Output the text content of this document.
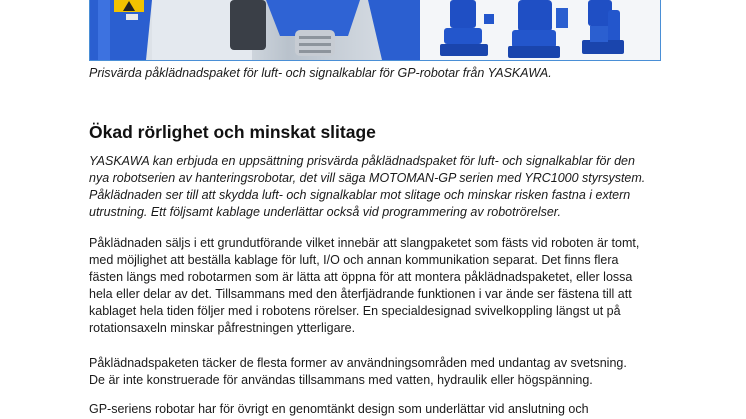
Prisvärda påklädnadspaket för luft- och signalkablar för GP-robotar från YASKAWA.
Ökad rörlighet och minskat slitage

YASKAWA kan erbjuda en uppsättning prisvärda påklädnadspaket för luft- och signalkablar för den
nya robotserien av hanteringsrobotar, det vill säga MOTOMAN-GP serien med YRC1000 styrsystem.
Påklädnaden ser till att skydda luft- och signalkablar mot slitage och minskar risken fastna i extern
utrustning. Ett följsamt kablage underlättar också vid programmering av robotrörelser.

Påklädnaden säljs i ett grundutförande vilket innebär att slangpaketet som fästs vid roboten är tomt,
med möjlighet att beställa kablage för luft, I/O och annan kommunikation separat. Det finns flera
fästen längs med robotarmen som är lätta att öppna för att montera påklädnadspaketet, eller lossa
hela eller delar av det. Tillsammans med den återfjädrande funktionen i var ände ser fästena till att
kablaget hela tiden följer med i robotens rörelser. En specialdesignad svivelkoppling längst ut på
rotationsaxeln minskar påfrestningen ytterligare.

Påklädnadspaketen täcker de flesta former av användningsområden med undantag av svetsning.
De är inte konstruerade för användas tillsammans med vatten, hydraulik eller högspänning.

GP-seriens robotar har för övrigt en genomtänkt design som underlättar vid anslutning och
